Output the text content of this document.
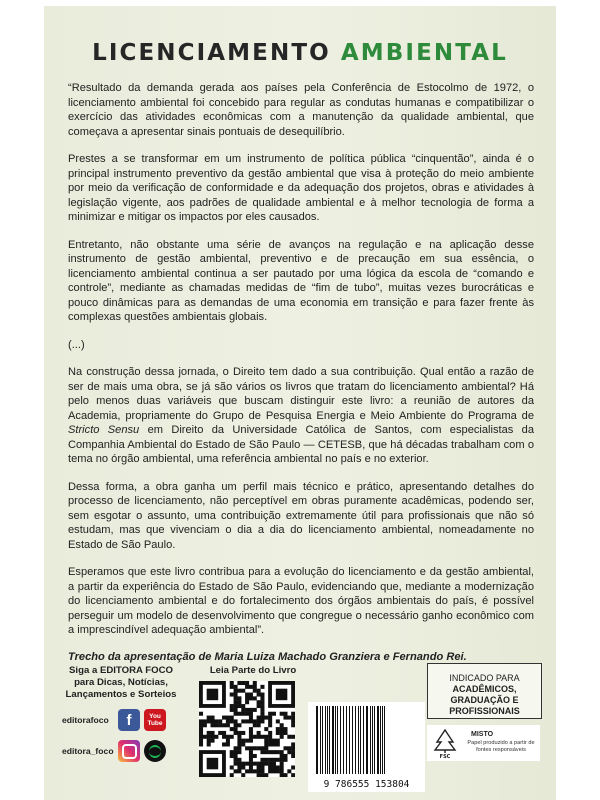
LICENCIAMENTO AMBIENTAL

“Resultado da demanda gerada aos países pela Conferência de Estocolmo de 1972, o licenciamento ambiental foi concebido para regular as condutas humanas e compatibilizar o exercício das atividades econômicas com a manutenção da qualidade ambiental, que começava a apresentar sinais pontuais de desequilíbrio.

Prestes a se transformar em um instrumento de política pública “cinquentão”, ainda é o principal instrumento preventivo da gestão ambiental que visa à proteção do meio ambiente por meio da verificação de conformidade e da adequação dos projetos, obras e atividades à legislação vigente, aos padrões de qualidade ambiental e à melhor tecnologia de forma a minimizar e mitigar os impactos por eles causados.

Entretanto, não obstante uma série de avanços na regulação e na aplicação desse instrumento de gestão ambiental, preventivo e de precaução em sua essência, o licenciamento ambiental continua a ser pautado por uma lógica da escola de “comando e controle”, mediante as chamadas medidas de “fim de tubo”, muitas vezes burocráticas e pouco dinâmicas para as demandas de uma economia em transição e para fazer frente às complexas questões ambientais globais.

(...)

Na construção dessa jornada, o Direito tem dado a sua contribuição. Qual então a razão de ser de mais uma obra, se já são vários os livros que tratam do licenciamento ambiental? Há pelo menos duas variáveis que buscam distinguir este livro: a reunião de autores da Academia, propriamente do Grupo de Pesquisa Energia e Meio Ambiente do Programa de Stricto Sensu em Direito da Universidade Católica de Santos, com especialistas da Companhia Ambiental do Estado de São Paulo — CETESB, que há décadas trabalham com o tema no órgão ambiental, uma referência ambiental no país e no exterior.

Dessa forma, a obra ganha um perfil mais técnico e prático, apresentando detalhes do processo de licenciamento, não perceptível em obras puramente acadêmicas, podendo ser, sem esgotar o assunto, uma contribuição extremamente útil para profissionais que não só estudam, mas que vivenciam o dia a dia do licenciamento ambiental, nomeadamente no Estado de São Paulo.

Esperamos que este livro contribua para a evolução do licenciamento e da gestão ambiental, a partir da experiência do Estado de São Paulo, evidenciando que, mediante a modernização do licenciamento ambiental e do fortalecimento dos órgãos ambientais do país, é possível perseguir um modelo de desenvolvimento que congregue o necessário ganho econômico com a imprescindível adequação ambiental”.

Trecho da apresentação de Maria Luiza Machado Granziera e Fernando Rei.

Siga a EDITORA FOCO
para Dicas, Notícias,
Lançamentos e Sorteios
editorafoco	f	You
Tube
editora_foco
Leia Parte do Livro
9 786555 153804
INDICADO PARA
ACADÊMICOS,
GRADUAÇÃO E
PROFISSIONAIS
FSC
MISTO
Papel produzido a partir de fontes responsáveis
